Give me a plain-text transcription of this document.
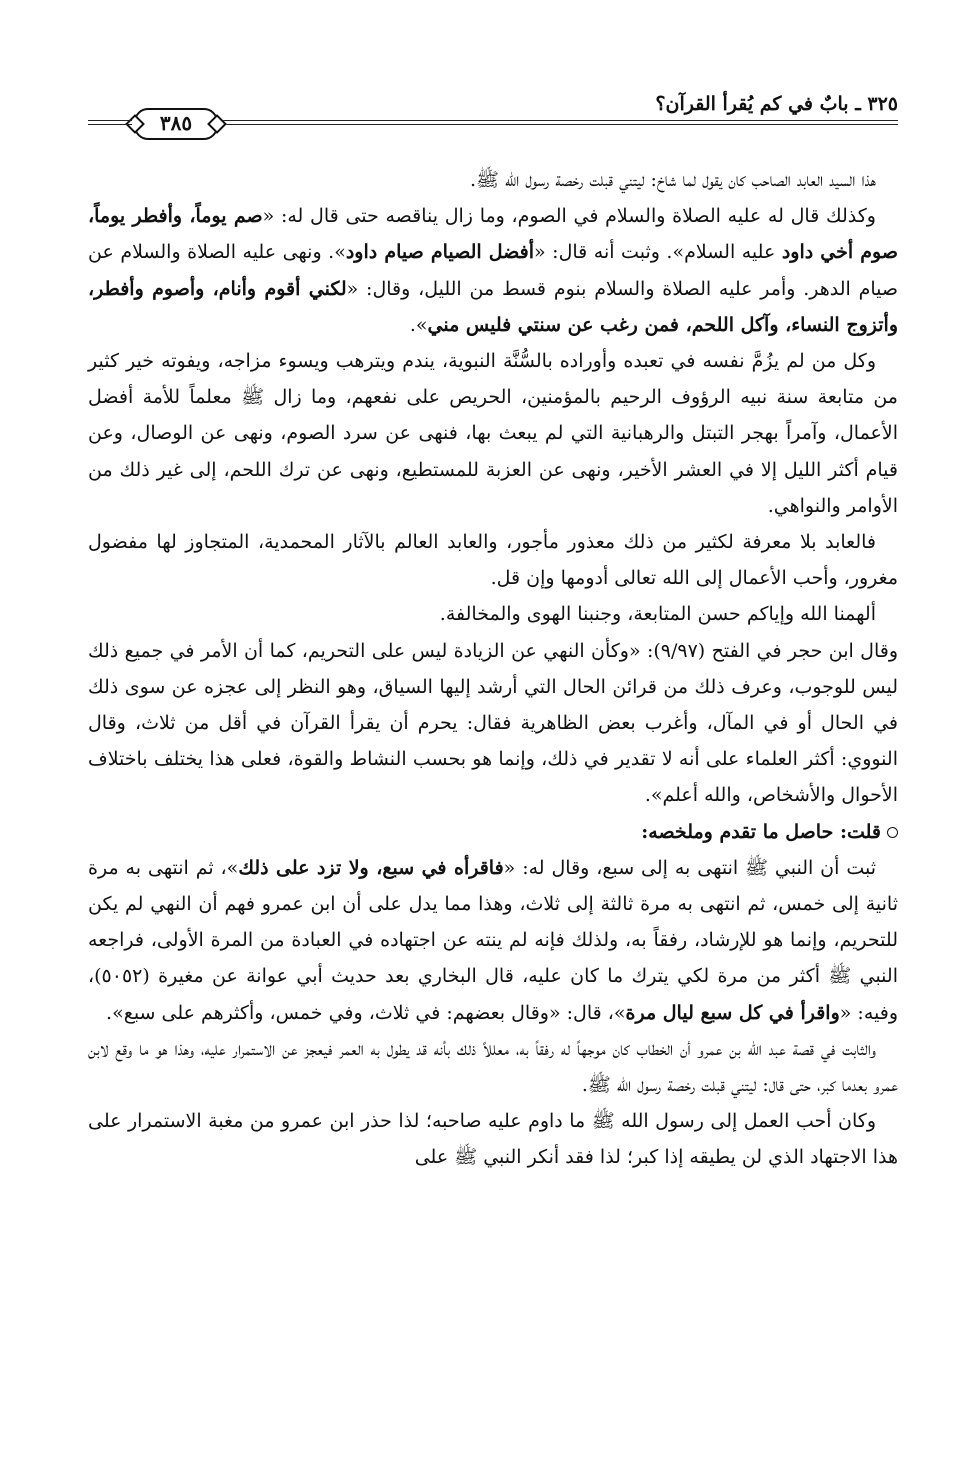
٣٢٥ ـ بابٌ في كم يُقرأ القرآن؟
٣٨٥

هذا السيد العابد الصاحب كان يقول لما شاخ: ليتني قبلت رخصة رسول الله ﷺ.

وكذلك قال له عليه الصلاة والسلام في الصوم، وما زال يناقصه حتى قال له: «صم يوماً، وأفطر يوماً، صوم أخي داود عليه السلام». وثبت أنه قال: «أفضل الصيام صيام داود». ونهى عليه الصلاة والسلام عن صيام الدهر. وأمر عليه الصلاة والسلام بنوم قسط من الليل، وقال: «لكني أقوم وأنام، وأصوم وأفطر، وأتزوج النساء، وآكل اللحم، فمن رغب عن سنتي فليس مني».

وكل من لم يزُمَّ نفسه في تعبده وأوراده بالسُّنَّة النبوية، يندم ويترهب ويسوء مزاجه، ويفوته خير كثير من متابعة سنة نبيه الرؤوف الرحيم بالمؤمنين، الحريص على نفعهم، وما زال ﷺ معلماً للأمة أفضل الأعمال، وآمراً بهجر التبتل والرهبانية التي لم يبعث بها، فنهى عن سرد الصوم، ونهى عن الوصال، وعن قيام أكثر الليل إلا في العشر الأخير، ونهى عن العزبة للمستطيع، ونهى عن ترك اللحم، إلى غير ذلك من الأوامر والنواهي.

فالعابد بلا معرفة لكثير من ذلك معذور مأجور، والعابد العالم بالآثار المحمدية، المتجاوز لها مفضول مغرور، وأحب الأعمال إلى الله تعالى أدومها وإن قل.

ألهمنا الله وإياكم حسن المتابعة، وجنبنا الهوى والمخالفة.

وقال ابن حجر في الفتح (٩/٩٧): «وكأن النهي عن الزيادة ليس على التحريم، كما أن الأمر في جميع ذلك ليس للوجوب، وعرف ذلك من قرائن الحال التي أرشد إليها السياق، وهو النظر إلى عجزه عن سوى ذلك في الحال أو في المآل، وأغرب بعض الظاهرية فقال: يحرم أن يقرأ القرآن في أقل من ثلاث، وقال النووي: أكثر العلماء على أنه لا تقدير في ذلك، وإنما هو بحسب النشاط والقوة، فعلى هذا يختلف باختلاف الأحوال والأشخاص، والله أعلم».

قلت: حاصل ما تقدم وملخصه:

ثبت أن النبي ﷺ انتهى به إلى سبع، وقال له: «فاقرأه في سبع، ولا تزد على ذلك»، ثم انتهى به مرة ثانية إلى خمس، ثم انتهى به مرة ثالثة إلى ثلاث، وهذا مما يدل على أن ابن عمرو فهم أن النهي لم يكن للتحريم، وإنما هو للإرشاد، رفقاً به، ولذلك فإنه لم ينته عن اجتهاده في العبادة من المرة الأولى، فراجعه النبي ﷺ أكثر من مرة لكي يترك ما كان عليه، قال البخاري بعد حديث أبي عوانة عن مغيرة (٥٠٥٢)، وفيه: «واقرأ في كل سبع ليال مرة»، قال: «وقال بعضهم: في ثلاث، وفي خمس، وأكثرهم على سبع».

والثابت في قصة عبد الله بن عمرو أن الخطاب كان موجهاً له رفقاً به، معللاً ذلك بأنه قد يطول به العمر فيعجز عن الاستمرار عليه، وهذا هو ما وقع لابن عمرو بعدما كبر، حتى قال: ليتني قبلت رخصة رسول الله ﷺ.

وكان أحب العمل إلى رسول الله ﷺ ما داوم عليه صاحبه؛ لذا حذر ابن عمرو من مغبة الاستمرار على هذا الاجتهاد الذي لن يطيقه إذا كبر؛ لذا فقد أنكر النبي ﷺ على
